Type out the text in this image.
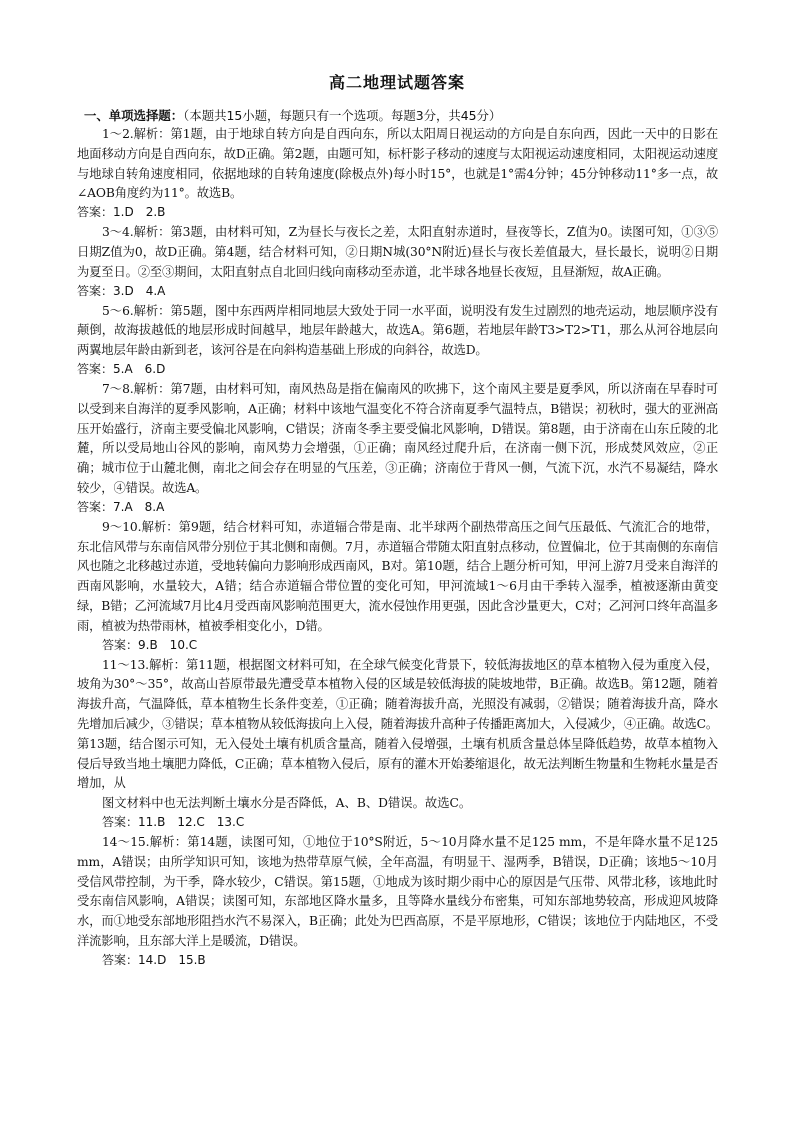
高二地理试题答案
一、单项选择题：（本题共15小题，每题只有一个选项。每题3分，共45分）

1～2.解析：第1题，由于地球自转方向是自西向东，所以太阳周日视运动的方向是自东向西，因此一天中的日影在地面移动方向是自西向东，故D正确。第2题，由题可知，标杆影子移动的速度与太阳视运动速度相同，太阳视运动速度与地球自转角速度相同，依据地球的自转角速度(除极点外)每小时15°，也就是1°需4分钟；45分钟移动11°多一点，故∠AOB角度约为11°。故选B。

答案：1.D　2.B

3～4.解析：第3题，由材料可知，Z为昼长与夜长之差，太阳直射赤道时，昼夜等长，Z值为0。读图可知，①③⑤日期Z值为0，故D正确。第4题，结合材料可知，②日期N城(30°N附近)昼长与夜长差值最大，昼长最长，说明②日期为夏至日。②至③期间，太阳直射点自北回归线向南移动至赤道，北半球各地昼长夜短，且昼渐短，故A正确。

答案：3.D　4.A

5～6.解析：第5题，图中东西两岸相同地层大致处于同一水平面，说明没有发生过剧烈的地壳运动，地层顺序没有颠倒，故海拔越低的地层形成时间越早，地层年龄越大，故选A。第6题，若地层年龄T3>T2>T1，那么从河谷地层向两翼地层年龄由新到老，该河谷是在向斜构造基础上形成的向斜谷，故选D。

答案：5.A　6.D

7～8.解析：第7题，由材料可知，南风热岛是指在偏南风的吹拂下，这个南风主要是夏季风，所以济南在早春时可以受到来自海洋的夏季风影响，A正确；材料中该地气温变化不符合济南夏季气温特点，B错误；初秋时，强大的亚洲高压开始盛行，济南主要受偏北风影响，C错误；济南冬季主要受偏北风影响，D错误。第8题，由于济南在山东丘陵的北麓，所以受局地山谷风的影响，南风势力会增强，①正确；南风经过爬升后，在济南一侧下沉，形成焚风效应，②正确；城市位于山麓北侧，南北之间会存在明显的气压差，③正确；济南位于背风一侧，气流下沉，水汽不易凝结，降水较少，④错误。故选A。

答案：7.A　8.A

9～10.解析：第9题，结合材料可知，赤道辐合带是南、北半球两个副热带高压之间气压最低、气流汇合的地带，东北信风带与东南信风带分别位于其北侧和南侧。7月，赤道辐合带随太阳直射点移动，位置偏北，位于其南侧的东南信风也随之北移越过赤道，受地转偏向力影响形成西南风，B对。第10题，结合上题分析可知，甲河上游7月受来自海洋的西南风影响，水量较大，A错；结合赤道辐合带位置的变化可知，甲河流域1～6月由干季转入湿季，植被逐渐由黄变绿，B错；乙河流域7月比4月受西南风影响范围更大，流水侵蚀作用更强，因此含沙量更大，C对；乙河河口终年高温多雨，植被为热带雨林，植被季相变化小，D错。

答案：9.B　10.C

11～13.解析：第11题，根据图文材料可知，在全球气候变化背景下，较低海拔地区的草本植物入侵为重度入侵，坡角为30°～35°，故高山苔原带最先遭受草本植物入侵的区域是较低海拔的陡坡地带，B正确。故选B。第12题，随着海拔升高，气温降低，草本植物生长条件变差，①正确；随着海拔升高，光照没有减弱，②错误；随着海拔升高，降水先增加后减少，③错误；草本植物从较低海拔向上入侵，随着海拔升高种子传播距离加大，入侵减少，④正确。故选C。第13题，结合图示可知，无入侵处土壤有机质含量高，随着入侵增强，土壤有机质含量总体呈降低趋势，故草本植物入侵后导致当地土壤肥力降低，C正确；草本植物入侵后，原有的灌木开始萎缩退化，故无法判断生物量和生物耗水量是否增加，从

图文材料中也无法判断土壤水分是否降低，A、B、D错误。故选C。

答案：11.B　12.C　13.C

14～15.解析：第14题，读图可知，①地位于10°S附近，5～10月降水量不足125 mm，不是年降水量不足125 mm，A错误；由所学知识可知，该地为热带草原气候，全年高温，有明显干、湿两季，B错误，D正确；该地5～10月受信风带控制，为干季，降水较少，C错误。第15题，①地成为该时期少雨中心的原因是气压带、风带北移，该地此时受东南信风影响，A错误；读图可知，东部地区降水量多，且等降水量线分布密集，可知东部地势较高，形成迎风坡降水，而①地受东部地形阻挡水汽不易深入，B正确；此处为巴西高原，不是平原地形，C错误；该地位于内陆地区，不受洋流影响，且东部大洋上是暖流，D错误。

答案：14.D　15.B
